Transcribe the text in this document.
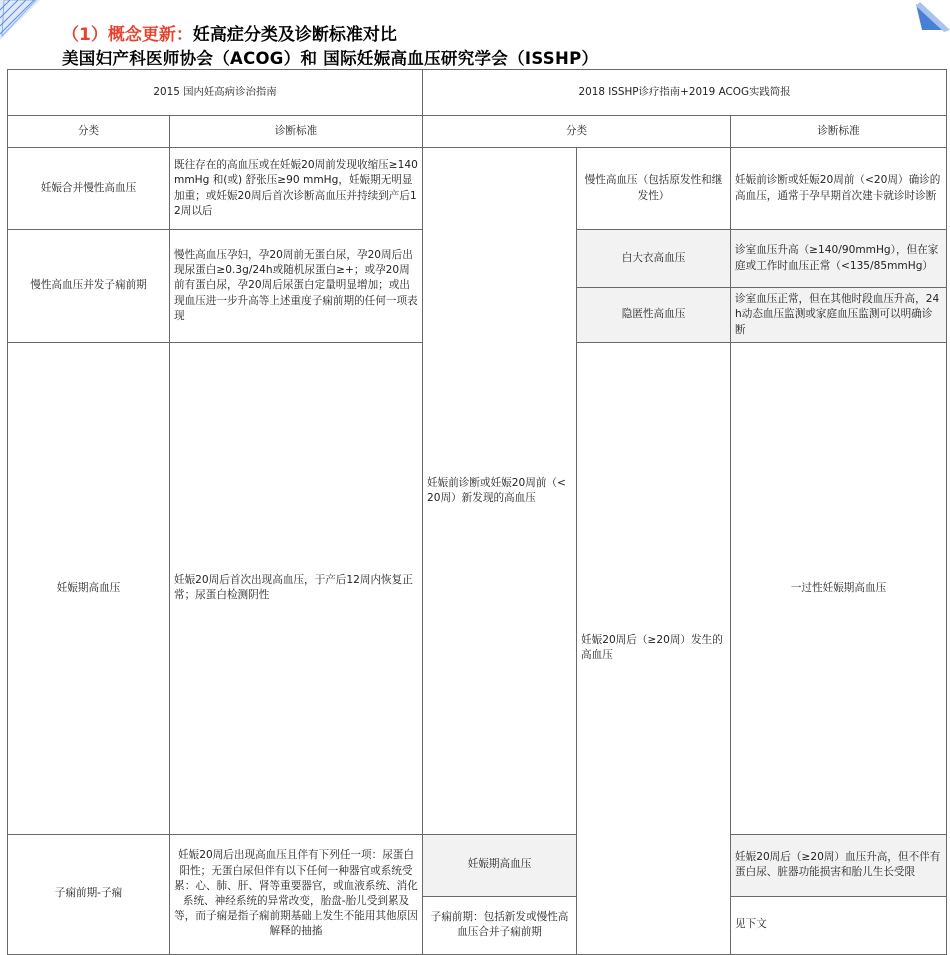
（1）概念更新：妊高症分类及诊断标准对比
美国妇产科医师协会（ACOG）和 国际妊娠高血压研究学会（ISSHP）
2015 国内妊高病诊治指南		2018 ISSHP诊疗指南+2019 ACOG实践简报			
分类	诊断标准	分类		诊断标准	
妊娠合并慢性高血压	既往存在的高血压或在妊娠20周前发现收缩压≥140 mmHg 和(或) 舒张压≥90 mmHg，妊娠期无明显加重；或妊娠20周后首次诊断高血压并持续到产后12周以后	妊娠前诊断或妊娠20周前（<20周）新发现的高血压	慢性高血压（包括原发性和继发性）	妊娠前诊断或妊娠20周前（<20周）确诊的高血压，通常于孕早期首次建卡就诊时诊断	

慢性高血压并发子痫前期	慢性高血压孕妇，孕20周前无蛋白尿，孕20周后出现尿蛋白≥0.3g/24h或随机尿蛋白≥+；或孕20周前有蛋白尿，孕20周后尿蛋白定量明显增加；或出现血压进一步升高等上述重度子痫前期的任何一项表现		白大衣高血压	诊室血压升高（≥140/90mmHg），但在家庭或工作时血压正常（<135/85mmHg）	
			隐匿性高血压	诊室血压正常，但在其他时段血压升高，24h动态血压监测或家庭血压监测可以明确诊断	
妊娠期高血压	妊娠20周后首次出现高血压，于产后12周内恢复正常；尿蛋白检测阴性		妊娠20周后（≥20周）发生的高血压	一过性妊娠期高血压	
子痫前期-子痫	妊娠20周后出现高血压且伴有下列任一项：尿蛋白阳性；无蛋白尿但伴有以下任何一种器官或系统受累：心、肺、肝、肾等重要器官，或血液系统、消化系统、神经系统的异常改变，胎盘-胎儿受到累及等，而子痫是指子痫前期基础上发生不能用其他原因解释的抽搐	妊娠期高血压		妊娠20周后（≥20周）血压升高，但不伴有蛋白尿、脏器功能损害和胎儿生长受限	
		子痫前期：包括新发或慢性高血压合并子痫前期		见下文	
